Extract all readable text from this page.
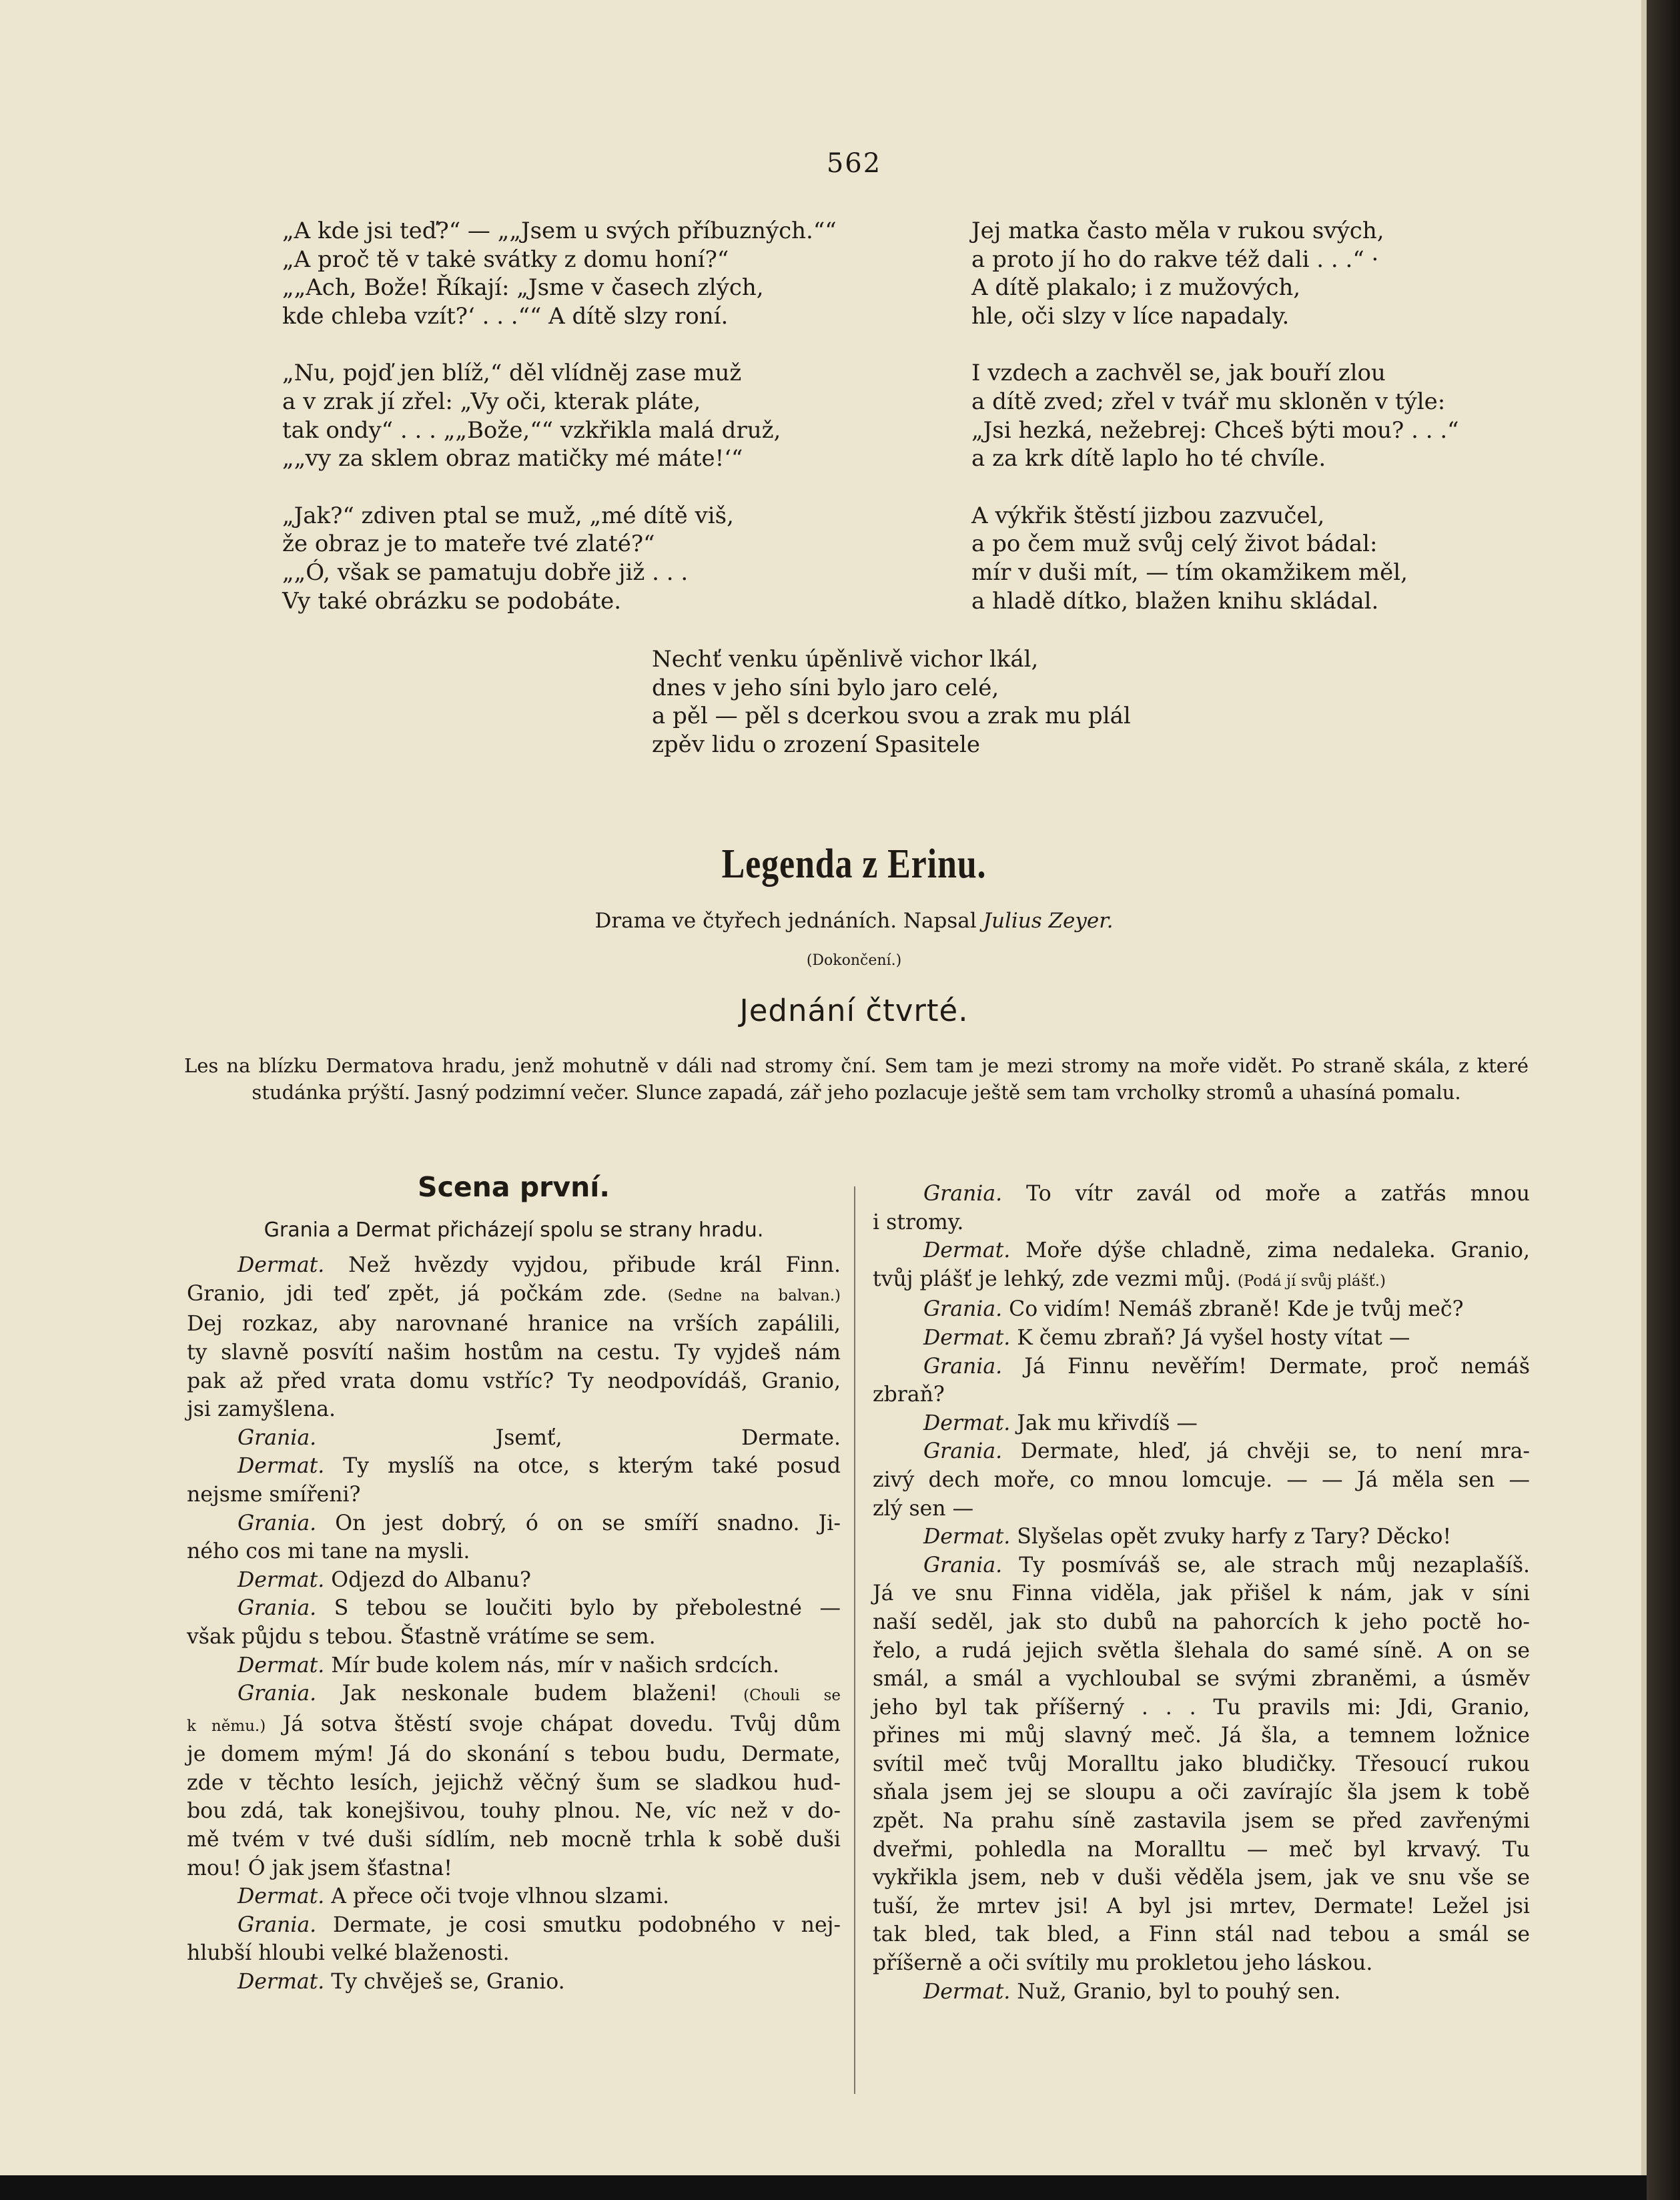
562
„A kde jsi teď?“ — „„Jsem u svých příbuzných.““
„A proč tě v takė svátky z domu honí?“
„„Ach, Bože! Říkají: „Jsme v časech zlých,
kde chleba vzít?‘ . . .““ A dítě slzy roní.
„Nu, pojď jen blíž,“ děl vlídněj zase muž
a v zrak jí zřel: „Vy oči, kterak pláte,
tak ondy“ . . . „„Bože,““ vzkřikla malá druž,
„„vy za sklem obraz matičky mé máte!‘“
„Jak?“ zdiven ptal se muž, „mé dítě viš,
že obraz je to mateře tvé zlaté?“
„„Ó, však se pamatuju dobře již . . .
Vy také obrázku se podobáte.
Jej matka často měla v rukou svých,
a proto jí ho do rakve též dali . . .“ ·
A dítě plakalo; i z mužových,
hle, oči slzy v líce napadaly.
I vzdech a zachvěl se, jak bouří zlou
a dítě zved; zřel v tvář mu skloněn v týle:
„Jsi hezká, nežebrej: Chceš býti mou? . . .“
a za krk dítě laplo ho té chvíle.
A výkřik štěstí jizbou zazvučel,
a po čem muž svůj celý život bádal:
mír v duši mít, — tím okamžikem měl,
a hladě dítko, blažen knihu skládal.
Nechť venku úpěnlivě vichor lkál,
dnes v jeho síni bylo jaro celé,
a pěl — pěl s dcerkou svou a zrak mu plál
zpěv lidu o zrození Spasitele
Legenda z Erinu.
Drama ve čtyřech jednáních. Napsal Julius Zeyer.
(Dokončení.)
Jednání čtvrté.
Les na blízku Dermatova hradu, jenž mohutně v dáli nad stromy ční. Sem tam je mezi stromy na moře vidět. Po straně skála, z které studánka prýští. Jasný podzimní večer. Slunce zapadá, zář jeho pozlacuje ještě sem tam vrcholky stromů a uhasíná pomalu.
Scena první.
Grania a Dermat přicházejí spolu se strany hradu.
Dermat. Než hvězdy vyjdou, přibude král Finn.
Granio, jdi teď zpět, já počkám zde. (Sedne na balvan.)
Dej rozkaz, aby narovnané hranice na vrších zapálili,
ty slavně posvítí našim hostům na cestu. Ty vyjdeš nám
pak až před vrata domu vstříc? Ty neodpovídáš, Granio,
jsi zamyšlena.
Grania. Jsemť, Dermate.
Dermat. Ty myslíš na otce, s kterým také posud
nejsme smířeni?
Grania. On jest dobrý, ó on se smíří snadno. Ji-
ného cos mi tane na mysli.
Dermat. Odjezd do Albanu?
Grania. S tebou se loučiti bylo by přebolestné —
však půjdu s tebou. Šťastně vrátíme se sem.
Dermat. Mír bude kolem nás, mír v našich srdcích.
Grania. Jak neskonale budem blaženi! (Chouli se
k němu.) Já sotva štěstí svoje chápat dovedu. Tvůj dům
je domem mým! Já do skonání s tebou budu, Dermate,
zde v těchto lesích, jejichž věčný šum se sladkou hud-
bou zdá, tak konejšivou, touhy plnou. Ne, víc než v do-
mě tvém v tvé duši sídlím, neb mocně trhla k sobě duši
mou! Ó jak jsem šťastna!
Dermat. A přece oči tvoje vlhnou slzami.
Grania. Dermate, je cosi smutku podobného v nej-
hlubší hloubi velké blaženosti.
Dermat. Ty chvěješ se, Granio.
Grania. To vítr zavál od moře a zatřás mnou
i stromy.
Dermat. Moře dýše chladně, zima nedaleka. Granio,
tvůj plášť je lehký, zde vezmi můj. (Podá jí svůj plášť.)
Grania. Co vidím! Nemáš zbraně! Kde je tvůj meč?
Dermat. K čemu zbraň? Já vyšel hosty vítat —
Grania. Já Finnu nevěřím! Dermate, proč nemáš
zbraň?
Dermat. Jak mu křivdíš —
Grania. Dermate, hleď, já chvěji se, to není mra-
zivý dech moře, co mnou lomcuje. — — Já měla sen —
zlý sen —
Dermat. Slyšelas opět zvuky harfy z Tary? Děcko!
Grania. Ty posmíváš se, ale strach můj nezaplašíš.
Já ve snu Finna viděla, jak přišel k nám, jak v síni
naší seděl, jak sto dubů na pahorcích k jeho poctě ho-
řelo, a rudá jejich světla šlehala do samé síně. A on se
smál, a smál a vychloubal se svými zbraněmi, a úsměv
jeho byl tak příšerný . . . Tu pravils mi: Jdi, Granio,
přines mi můj slavný meč. Já šla, a temnem ložnice
svítil meč tvůj Moralltu jako bludičky. Třesoucí rukou
sňala jsem jej se sloupu a oči zavírajíc šla jsem k tobě
zpět. Na prahu síně zastavila jsem se před zavřenými
dveřmi, pohledla na Moralltu — meč byl krvavý. Tu
vykřikla jsem, neb v duši věděla jsem, jak ve snu vše se
tuší, že mrtev jsi! A byl jsi mrtev, Dermate! Ležel jsi
tak bled, tak bled, a Finn stál nad tebou a smál se
příšerně a oči svítily mu prokletou jeho láskou.
Dermat. Nuž, Granio, byl to pouhý sen.
